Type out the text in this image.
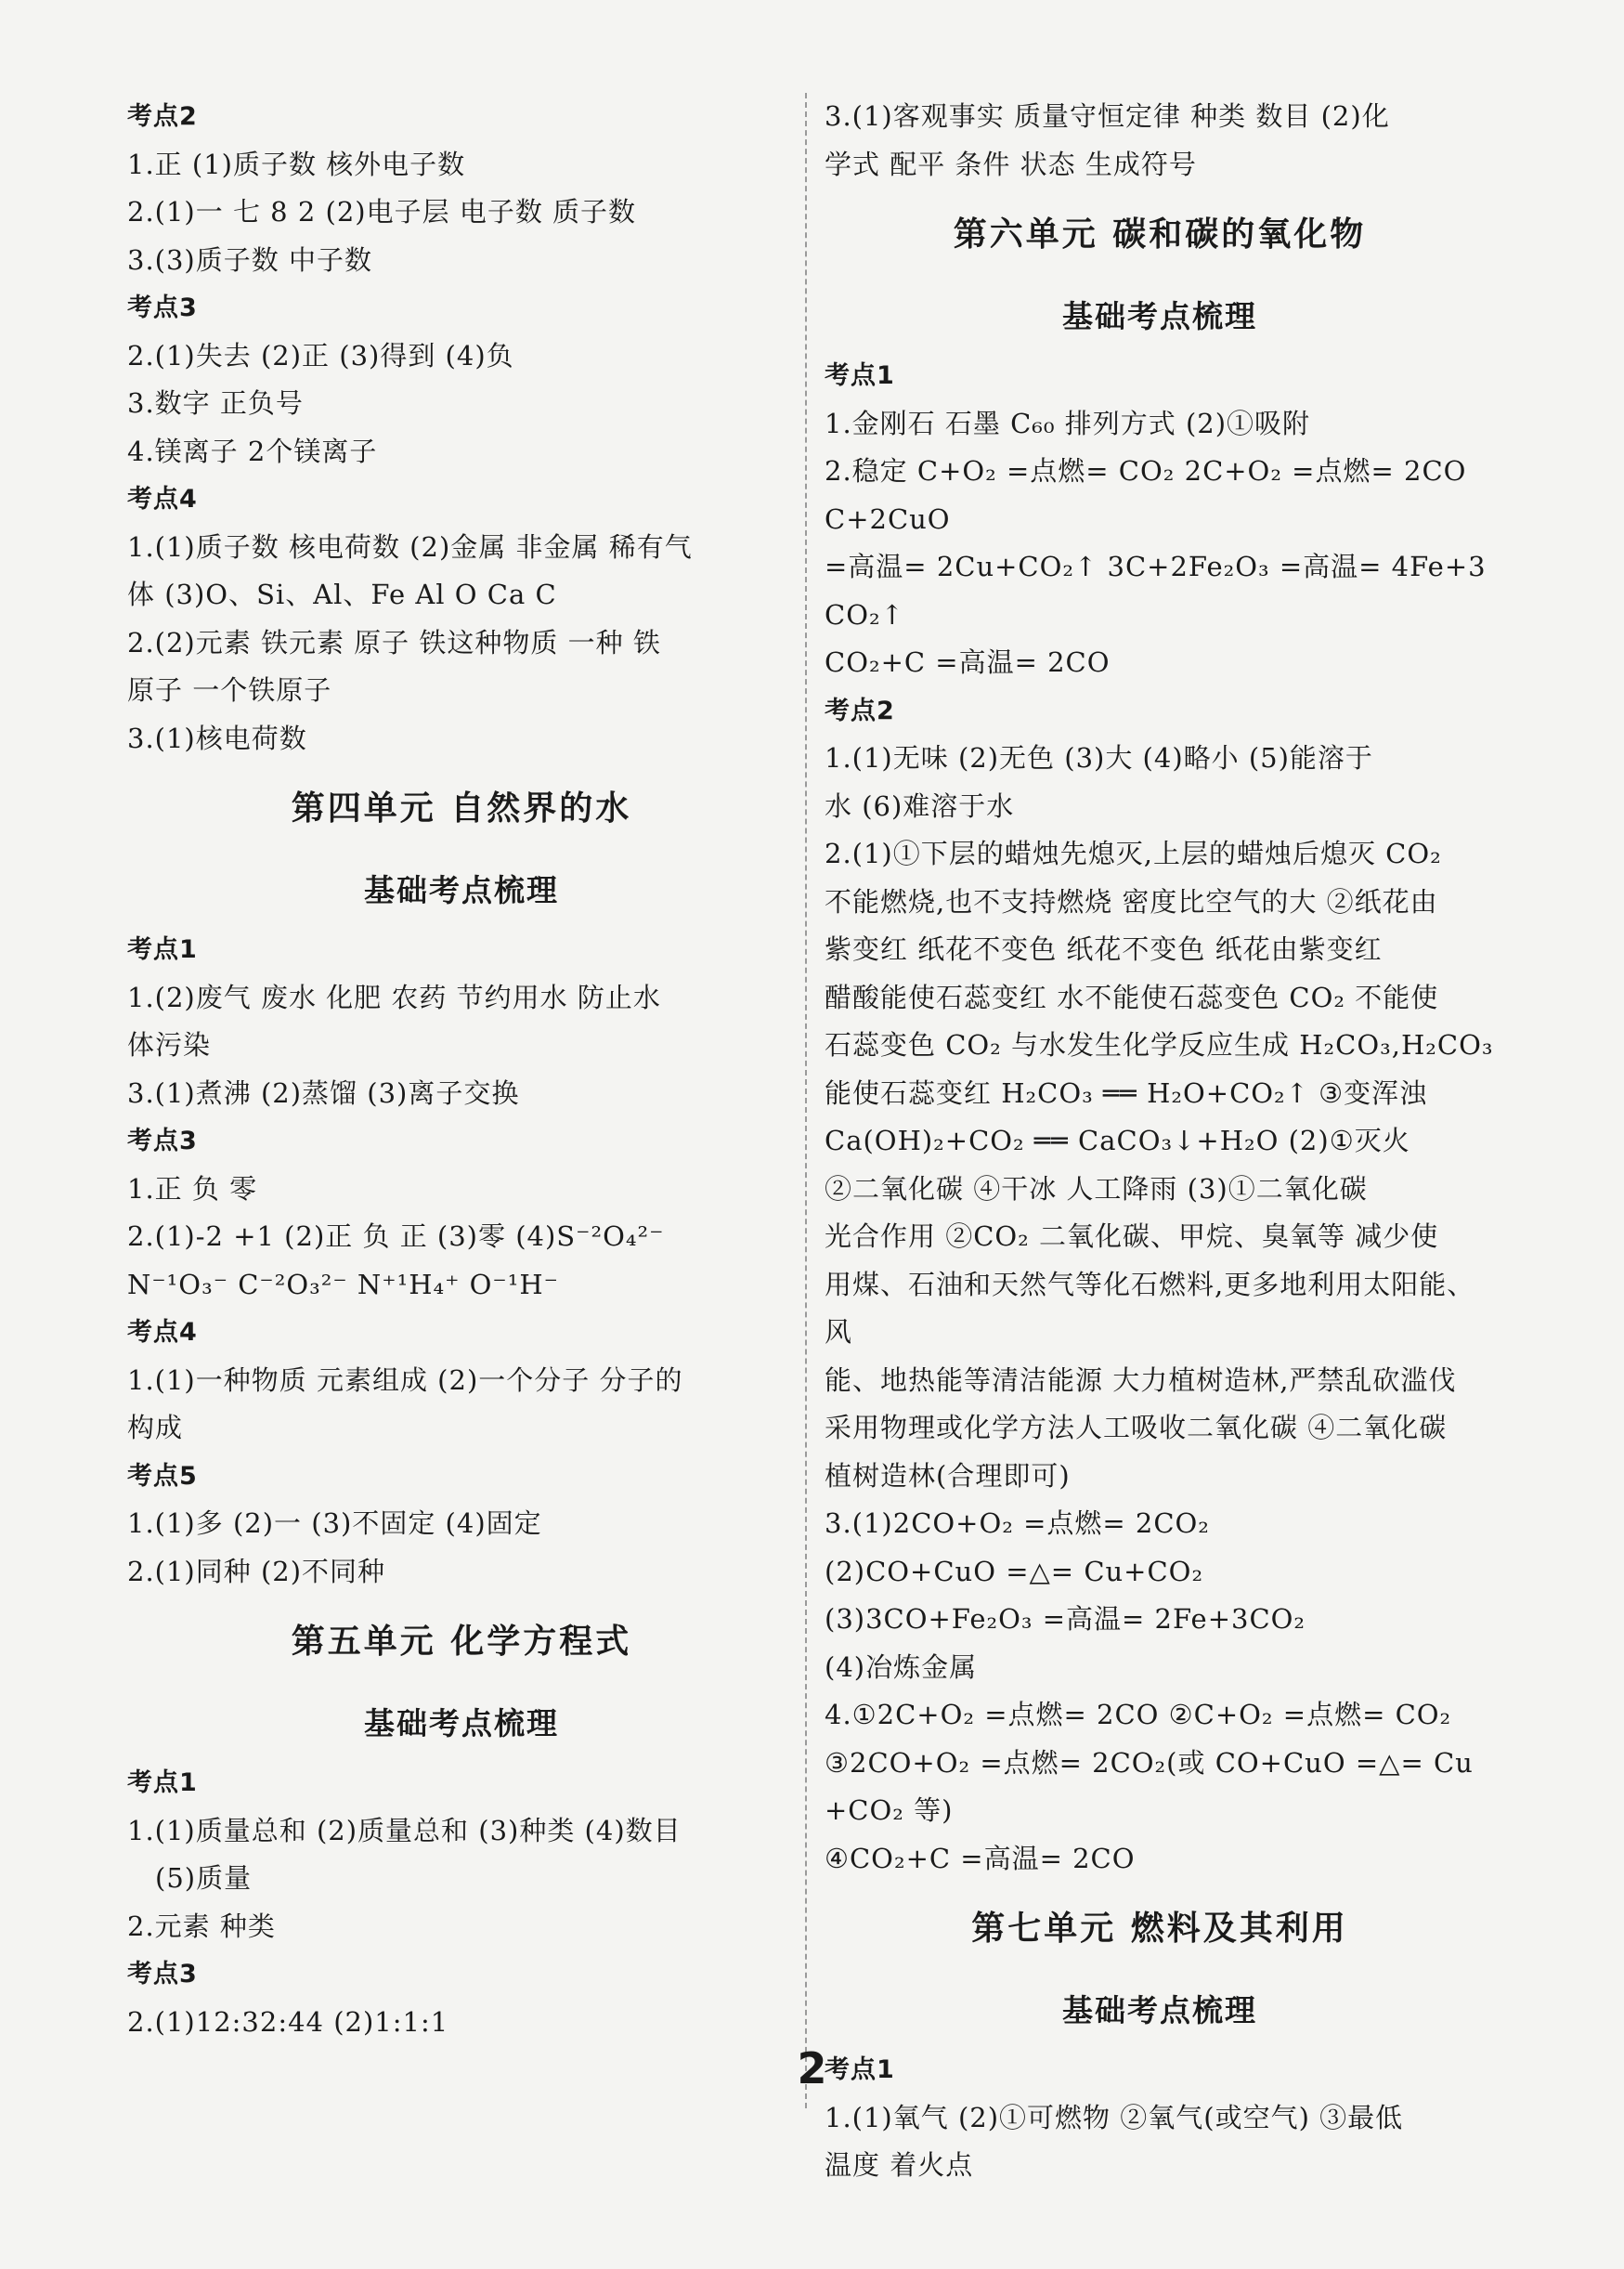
考点2
1.正 (1)质子数 核外电子数
2.(1)一 七 8 2 (2)电子层 电子数 质子数
3.(3)质子数 中子数
考点3
2.(1)失去 (2)正 (3)得到 (4)负
3.数字 正负号
4.镁离子 2个镁离子
考点4
1.(1)质子数 核电荷数 (2)金属 非金属 稀有气
体 (3)O、Si、Al、Fe Al O Ca C
2.(2)元素 铁元素 原子 铁这种物质 一种 铁
原子 一个铁原子
3.(1)核电荷数
第四单元 自然界的水
基础考点梳理
考点1
1.(2)废气 废水 化肥 农药 节约用水 防止水
体污染
3.(1)煮沸 (2)蒸馏 (3)离子交换
考点3
1.正 负 零
2.(1)-2 +1 (2)正 负 正 (3)零 (4)S⁻²O₄²⁻
N⁻¹O₃⁻ C⁻²O₃²⁻ N⁺¹H₄⁺ O⁻¹H⁻
考点4
1.(1)一种物质 元素组成 (2)一个分子 分子的
构成
考点5
1.(1)多 (2)一 (3)不固定 (4)固定
2.(1)同种 (2)不同种
第五单元 化学方程式
基础考点梳理
考点1
1.(1)质量总和 (2)质量总和 (3)种类 (4)数目
(5)质量
2.元素 种类
考点3
2.(1)12:32:44 (2)1:1:1
3.(1)客观事实 质量守恒定律 种类 数目 (2)化
学式 配平 条件 状态 生成符号
第六单元 碳和碳的氧化物
基础考点梳理
考点1
1.金刚石 石墨 C₆₀ 排列方式 (2)①吸附
2.稳定 C+O₂ =点燃= CO₂ 2C+O₂ =点燃= 2CO C+2CuO
=高温= 2Cu+CO₂↑ 3C+2Fe₂O₃ =高温= 4Fe+3CO₂↑
CO₂+C =高温= 2CO
考点2
1.(1)无味 (2)无色 (3)大 (4)略小 (5)能溶于
水 (6)难溶于水
2.(1)①下层的蜡烛先熄灭,上层的蜡烛后熄灭 CO₂
不能燃烧,也不支持燃烧 密度比空气的大 ②纸花由
紫变红 纸花不变色 纸花不变色 纸花由紫变红
醋酸能使石蕊变红 水不能使石蕊变色 CO₂ 不能使
石蕊变色 CO₂ 与水发生化学反应生成 H₂CO₃,H₂CO₃
能使石蕊变红 H₂CO₃ ══ H₂O+CO₂↑ ③变浑浊
Ca(OH)₂+CO₂ ══ CaCO₃↓+H₂O (2)①灭火
②二氧化碳 ④干冰 人工降雨 (3)①二氧化碳
光合作用 ②CO₂ 二氧化碳、甲烷、臭氧等 减少使
用煤、石油和天然气等化石燃料,更多地利用太阳能、风
能、地热能等清洁能源 大力植树造林,严禁乱砍滥伐
采用物理或化学方法人工吸收二氧化碳 ④二氧化碳
植树造林(合理即可)
3.(1)2CO+O₂ =点燃= 2CO₂
(2)CO+CuO =△= Cu+CO₂
(3)3CO+Fe₂O₃ =高温= 2Fe+3CO₂
(4)冶炼金属
4.①2C+O₂ =点燃= 2CO ②C+O₂ =点燃= CO₂
③2CO+O₂ =点燃= 2CO₂(或 CO+CuO =△= Cu+CO₂ 等)
④CO₂+C =高温= 2CO
第七单元 燃料及其利用
基础考点梳理
考点1
1.(1)氧气 (2)①可燃物 ②氧气(或空气) ③最低
温度 着火点
2
